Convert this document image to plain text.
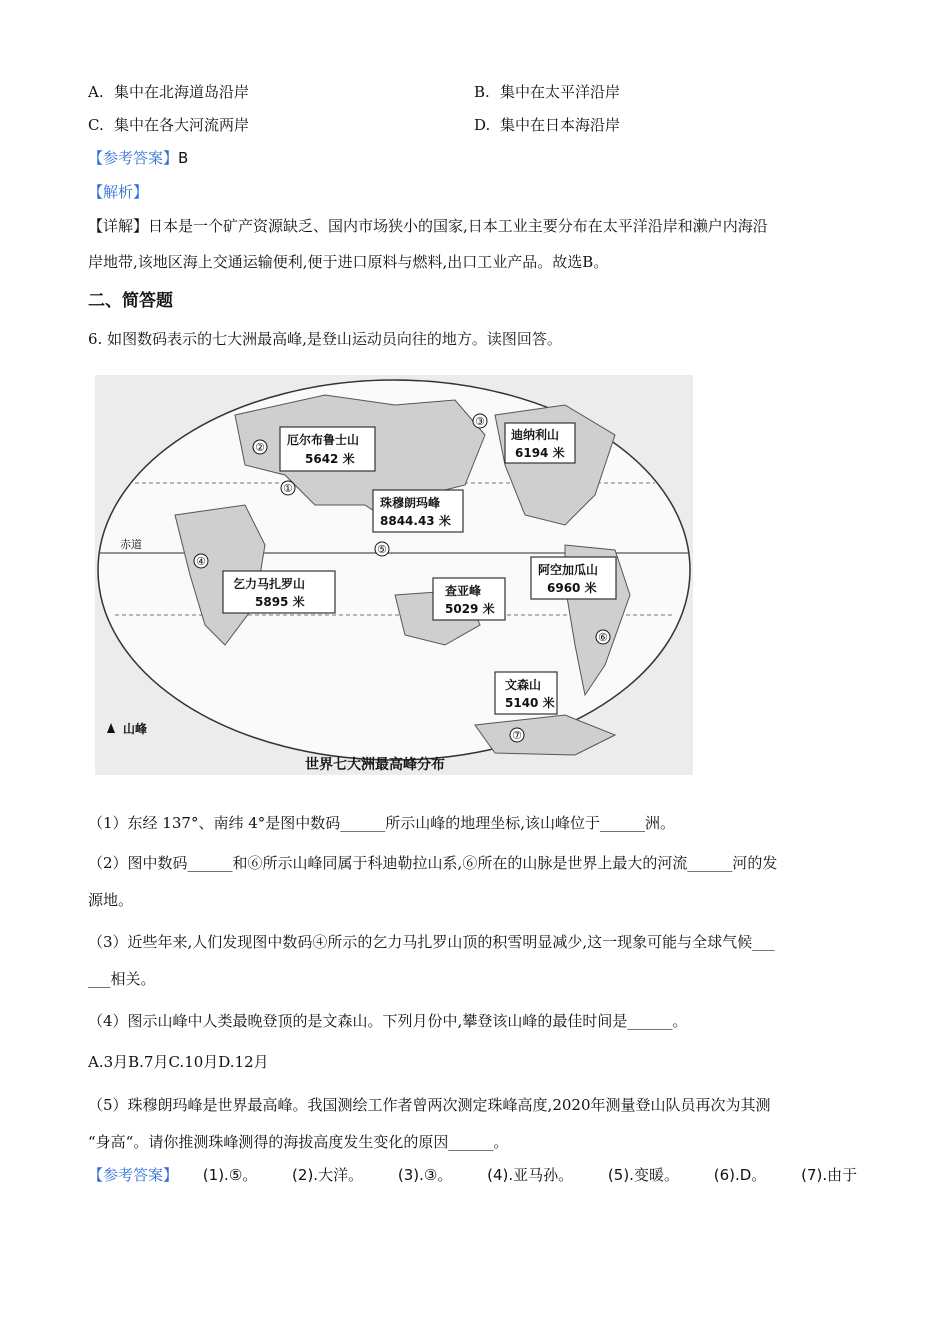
A. 集中在北海道岛沿岸	B. 集中在太平洋沿岸
C. 集中在各大河流两岸	D. 集中在日本海沿岸
【参考答案】B
【解析】
【详解】日本是一个矿产资源缺乏、国内市场狭小的国家,日本工业主要分布在太平洋沿岸和濑户内海沿
岸地带,该地区海上交通运输便利,便于进口原料与燃料,出口工业产品。故选B。
二、简答题
6. 如图数码表示的七大洲最高峰,是登山运动员向往的地方。读图回答。
赤道
②
厄尔布鲁士山
5642 米
③
迪纳利山
6194 米
①
珠穆朗玛峰
8844.43 米
④
乞力马扎罗山
5895 米
⑤
查亚峰
5029 米
⑥
阿空加瓜山
6960 米
⑦
文森山
5140 米
山峰
世界七大洲最高峰分布
（1）东经 137°、南纬 4°是图中数码______所示山峰的地理坐标,该山峰位于______洲。
（2）图中数码______和⑥所示山峰同属于科迪勒拉山系,⑥所在的山脉是世界上最大的河流______河的发
源地。
（3）近些年来,人们发现图中数码④所示的乞力马扎罗山顶的积雪明显减少,这一现象可能与全球气候___
___相关。
（4）图示山峰中人类最晚登顶的是文森山。下列月份中,攀登该山峰的最佳时间是______。
A.3月B.7月C.10月D.12月
（5）珠穆朗玛峰是世界最高峰。我国测绘工作者曾两次测定珠峰高度,2020年测量登山队员再次为其测
“身高“。请你推测珠峰测得的海拔高度发生变化的原因______。
【参考答案】 (1).⑤。 (2).大洋。 (3).③。 (4).亚马孙。 (5).变暖。 (6).D。 (7).由于
